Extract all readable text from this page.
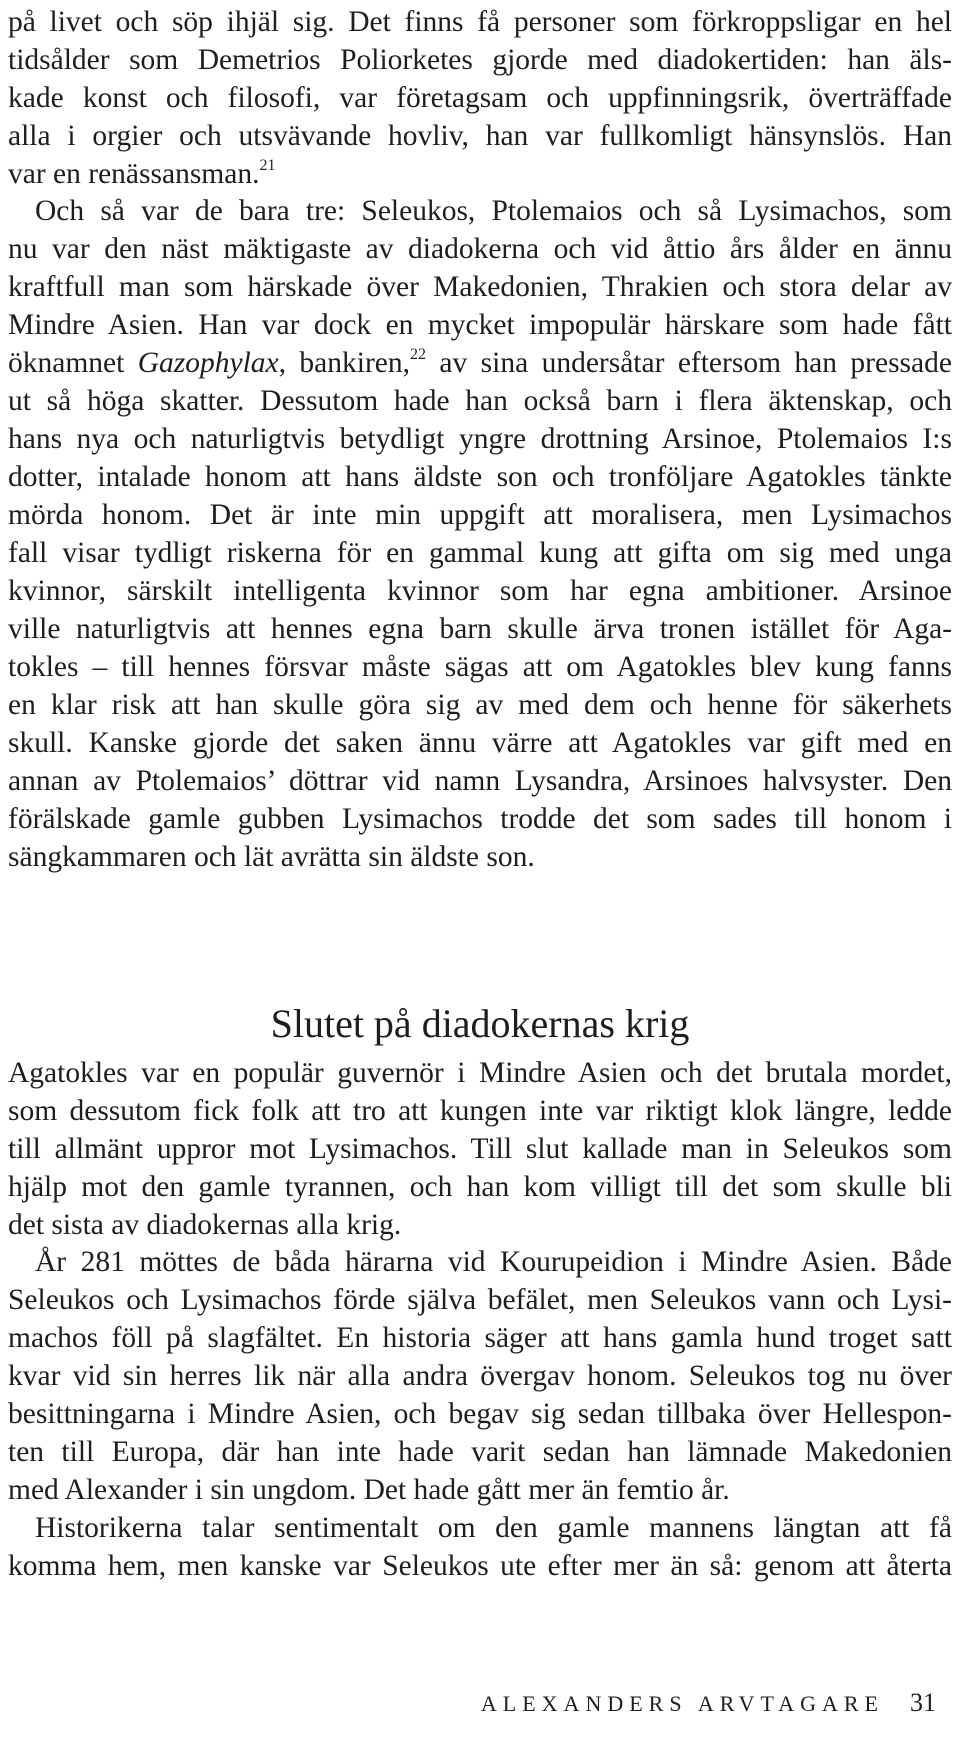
på livet och söp ihjäl sig. Det finns få personer som förkroppsligar en hel
tidsålder som Demetrios Poliorketes gjorde med diadokertiden: han äls-
kade konst och filosofi, var företagsam och uppfinningsrik, överträffade
alla i orgier och utsvävande hovliv, han var fullkomligt hänsynslös. Han
var en renässansman.$^{21}$
Och så var de bara tre: Seleukos, Ptolemaios och så Lysimachos, som
nu var den näst mäktigaste av diadokerna och vid åttio års ålder en ännu
kraftfull man som härskade över Makedonien, Thrakien och stora delar av
Mindre Asien. Han var dock en mycket impopulär härskare som hade fått
öknamnet Gazophylax, bankiren,$^{22}$ av sina undersåtar eftersom han pressade
ut så höga skatter. Dessutom hade han också barn i flera äktenskap, och
hans nya och naturligtvis betydligt yngre drottning Arsinoe, Ptolemaios I:s
dotter, intalade honom att hans äldste son och tronföljare Agatokles tänkte
mörda honom. Det är inte min uppgift att moralisera, men Lysimachos
fall visar tydligt riskerna för en gammal kung att gifta om sig med unga
kvinnor, särskilt intelligenta kvinnor som har egna ambitioner. Arsinoe
ville naturligtvis att hennes egna barn skulle ärva tronen istället för Aga-
tokles – till hennes försvar måste sägas att om Agatokles blev kung fanns
en klar risk att han skulle göra sig av med dem och henne för säkerhets
skull. Kanske gjorde det saken ännu värre att Agatokles var gift med en
annan av Ptolemaios’ döttrar vid namn Lysandra, Arsinoes halvsyster. Den
förälskade gamle gubben Lysimachos trodde det som sades till honom i
sängkammaren och lät avrätta sin äldste son.
Slutet på diadokernas krig
Agatokles var en populär guvernör i Mindre Asien och det brutala mordet,
som dessutom fick folk att tro att kungen inte var riktigt klok längre, ledde
till allmänt uppror mot Lysimachos. Till slut kallade man in Seleukos som
hjälp mot den gamle tyrannen, och han kom villigt till det som skulle bli
det sista av diadokernas alla krig.
År 281 möttes de båda härarna vid Kourupeidion i Mindre Asien. Både
Seleukos och Lysimachos förde själva befälet, men Seleukos vann och Lysi-
machos föll på slagfältet. En historia säger att hans gamla hund troget satt
kvar vid sin herres lik när alla andra övergav honom. Seleukos tog nu över
besittningarna i Mindre Asien, och begav sig sedan tillbaka över Hellespon-
ten till Europa, där han inte hade varit sedan han lämnade Makedonien
med Alexander i sin ungdom. Det hade gått mer än femtio år.
Historikerna talar sentimentalt om den gamle mannens längtan att få
komma hem, men kanske var Seleukos ute efter mer än så: genom att återta
ALEXANDERS ARVTAGARE 31
